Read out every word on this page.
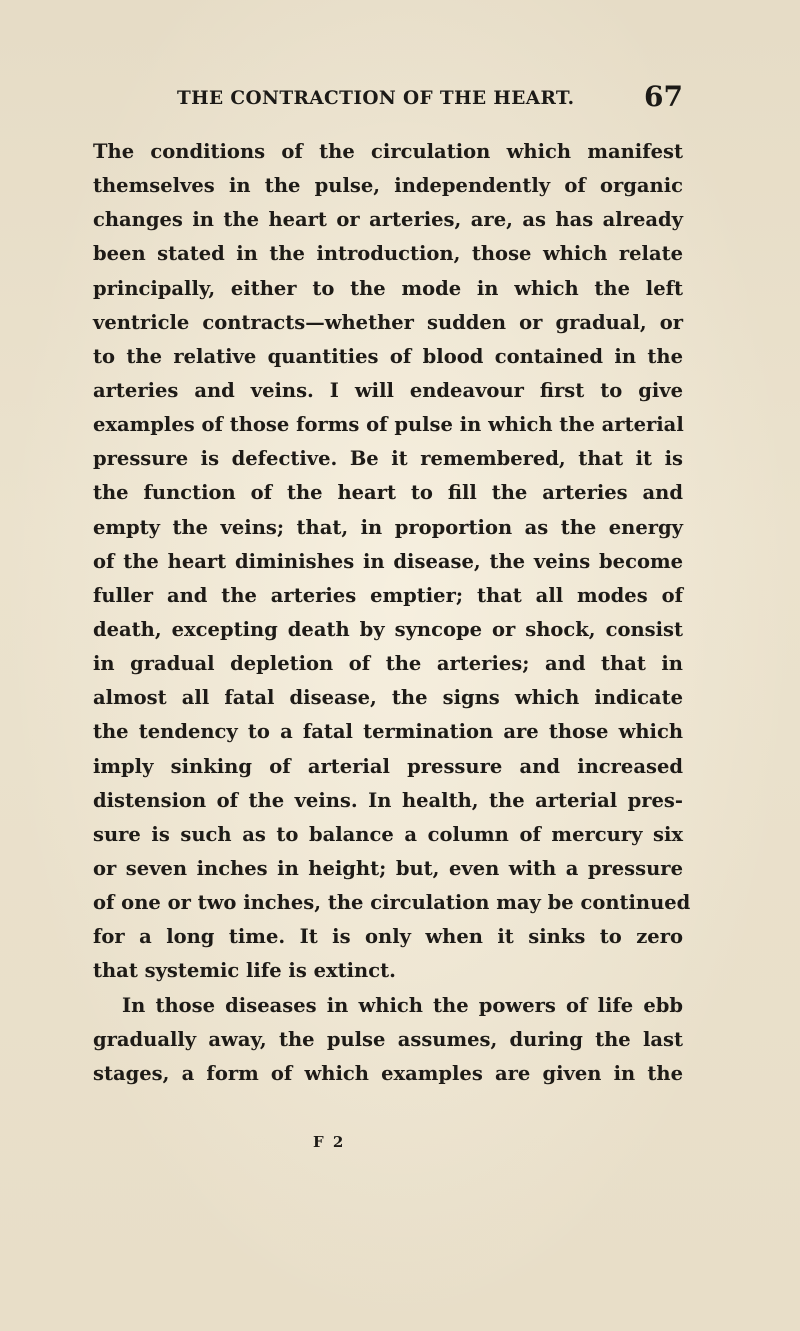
THE CONTRACTION OF THE HEART. 67
The conditions of the circulation which manifest
themselves in the pulse, independently of organic
changes in the heart or arteries, are, as has already
been stated in the introduction, those which relate
principally, either to the mode in which the left
ventricle contracts—whether sudden or gradual, or
to the relative quantities of blood contained in the
arteries and veins. I will endeavour first to give
examples of those forms of pulse in which the arterial
pressure is defective. Be it remembered, that it is
the function of the heart to fill the arteries and
empty the veins; that, in proportion as the energy
of the heart diminishes in disease, the veins become
fuller and the arteries emptier; that all modes of
death, excepting death by syncope or shock, consist
in gradual depletion of the arteries; and that in
almost all fatal disease, the signs which indicate
the tendency to a fatal termination are those which
imply sinking of arterial pressure and increased
distension of the veins. In health, the arterial pres-
sure is such as to balance a column of mercury six
or seven inches in height; but, even with a pressure
of one or two inches, the circulation may be continued
for a long time. It is only when it sinks to zero
that systemic life is extinct.
In those diseases in which the powers of life ebb
gradually away, the pulse assumes, during the last
stages, a form of which examples are given in the
F 2
